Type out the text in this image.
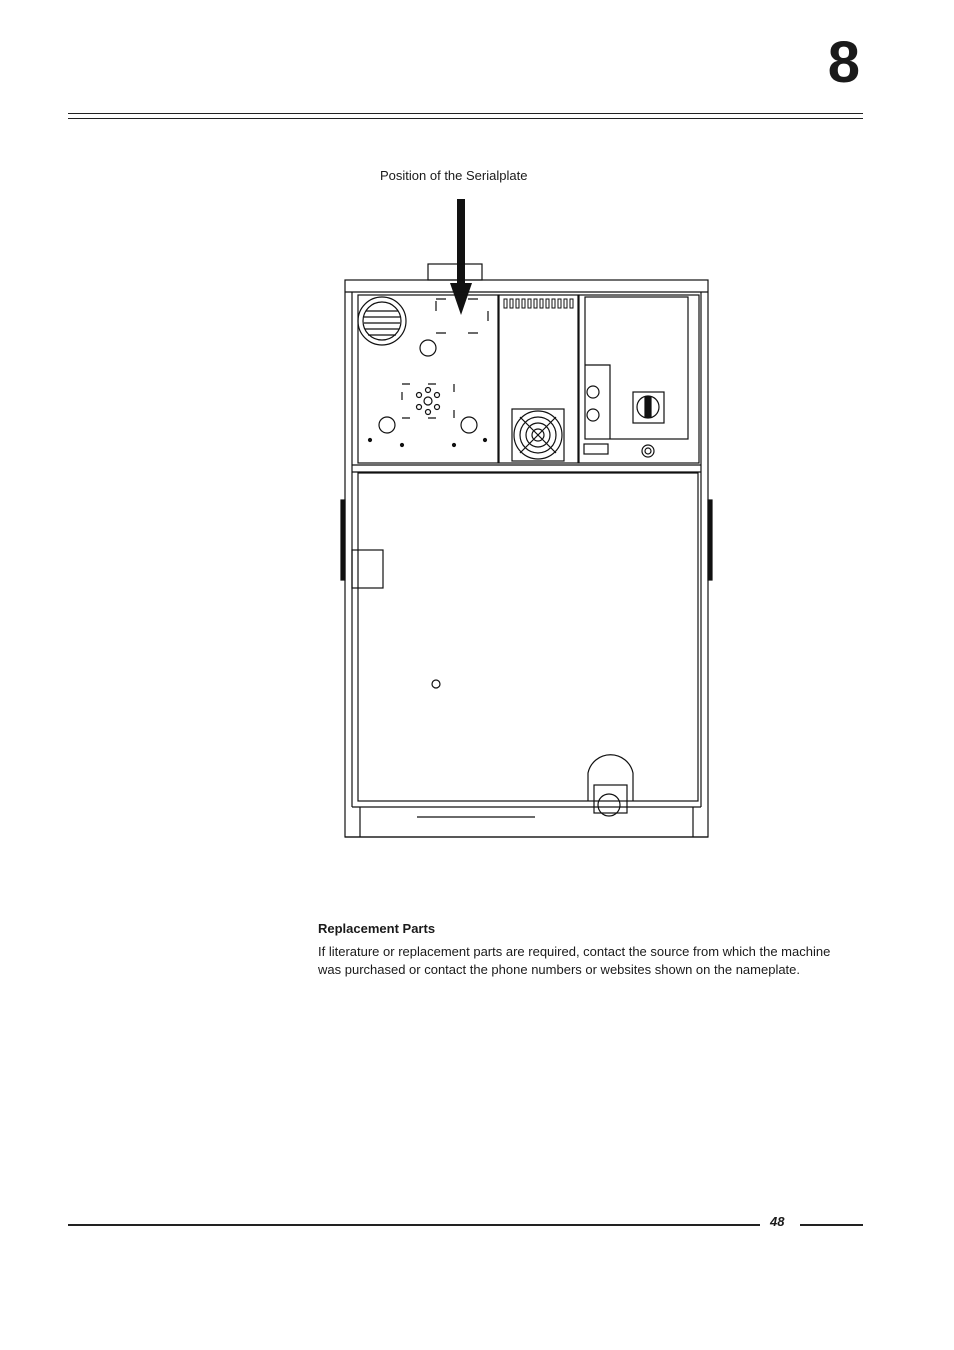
8
Position of the Serialplate
Replacement Parts
If literature or replacement parts are required, contact the source from which the machine was purchased or contact the phone numbers or websites shown on the nameplate.
48
